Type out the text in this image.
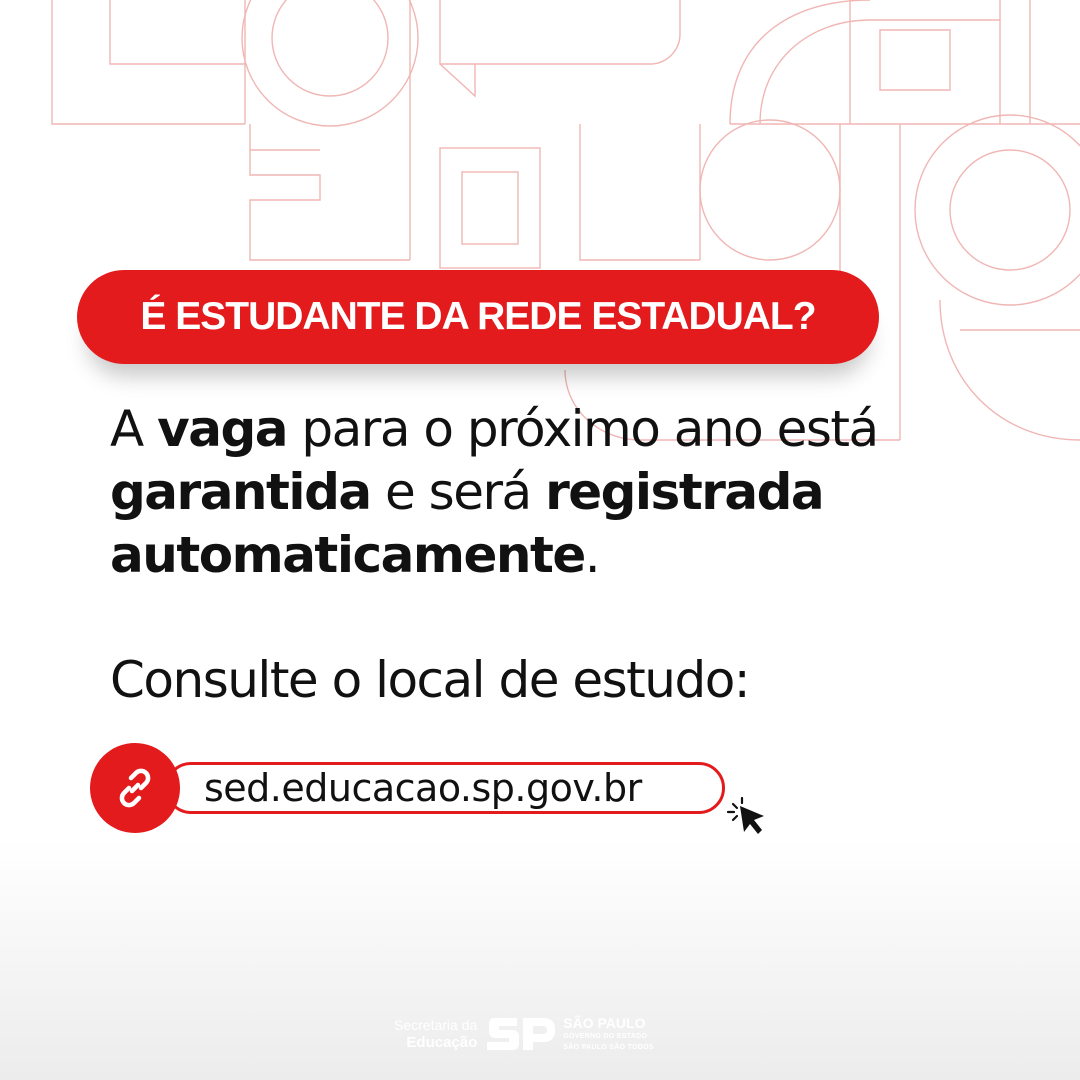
É ESTUDANTE DA REDE ESTADUAL?
A vaga para o próximo ano está
garantida e será registrada
automaticamente.
Consulte o local de estudo:
sed.educacao.sp.gov.br
Secretaria da
Educação
SÃO PAULO
GOVERNO DO ESTADO
SÃO PAULO SÃO TODOS
